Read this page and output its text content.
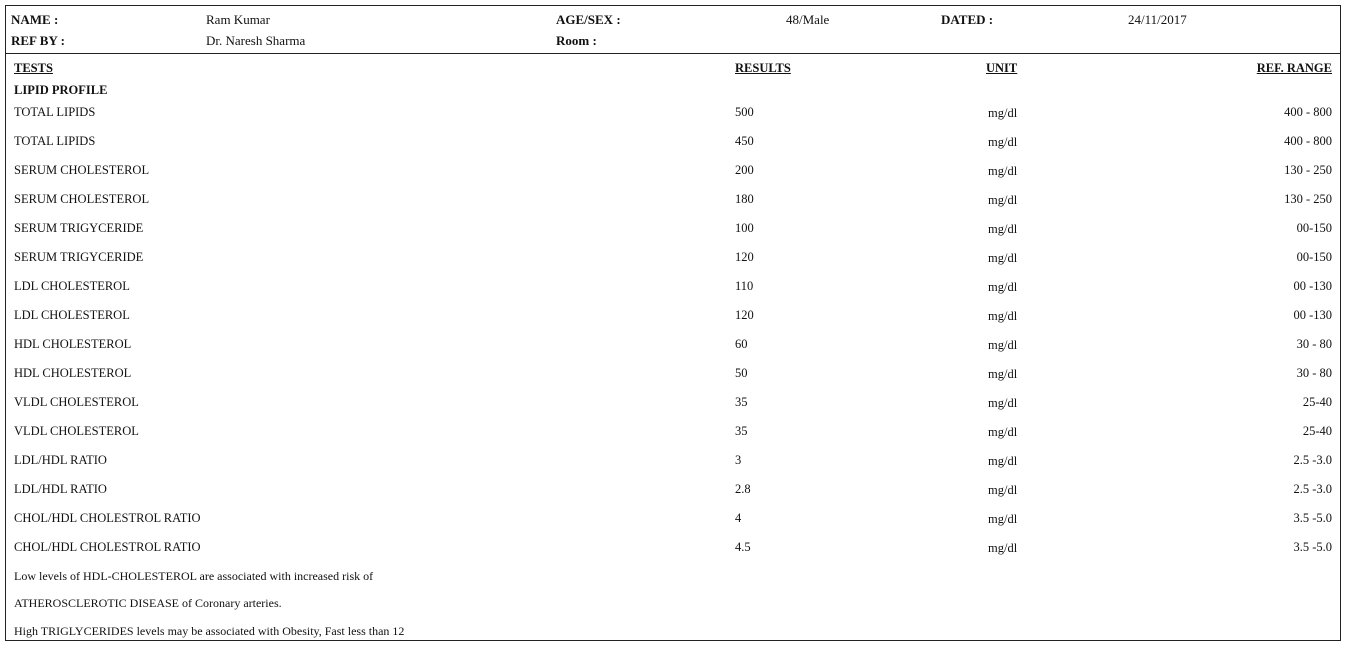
NAME :	Ram Kumar	AGE/SEX :	48/Male	DATED :	24/11/2017
REF BY :	Dr. Naresh Sharma	Room :
TESTS	RESULTS	UNIT	REF. RANGE
LIPID PROFILE
TOTAL LIPIDS	500	mg/dl	400 - 800
TOTAL LIPIDS	450	mg/dl	400 - 800
SERUM CHOLESTEROL	200	mg/dl	130 - 250
SERUM CHOLESTEROL	180	mg/dl	130 - 250
SERUM TRIGYCERIDE	100	mg/dl	00-150
SERUM TRIGYCERIDE	120	mg/dl	00-150
LDL CHOLESTEROL	110	mg/dl	00 -130
LDL CHOLESTEROL	120	mg/dl	00 -130
HDL CHOLESTEROL	60	mg/dl	30 - 80
HDL CHOLESTEROL	50	mg/dl	30 - 80
VLDL CHOLESTEROL	35	mg/dl	25-40
VLDL CHOLESTEROL	35	mg/dl	25-40
LDL/HDL RATIO	3	mg/dl	2.5 -3.0
LDL/HDL RATIO	2.8	mg/dl	2.5 -3.0
CHOL/HDL CHOLESTROL RATIO	4	mg/dl	3.5 -5.0
CHOL/HDL CHOLESTROL RATIO	4.5	mg/dl	3.5 -5.0
Low levels of HDL-CHOLESTEROL are associated with increased risk of
ATHEROSCLEROTIC DISEASE of Coronary arteries.
High TRIGLYCERIDES levels may be associated with Obesity, Fast less than 12
